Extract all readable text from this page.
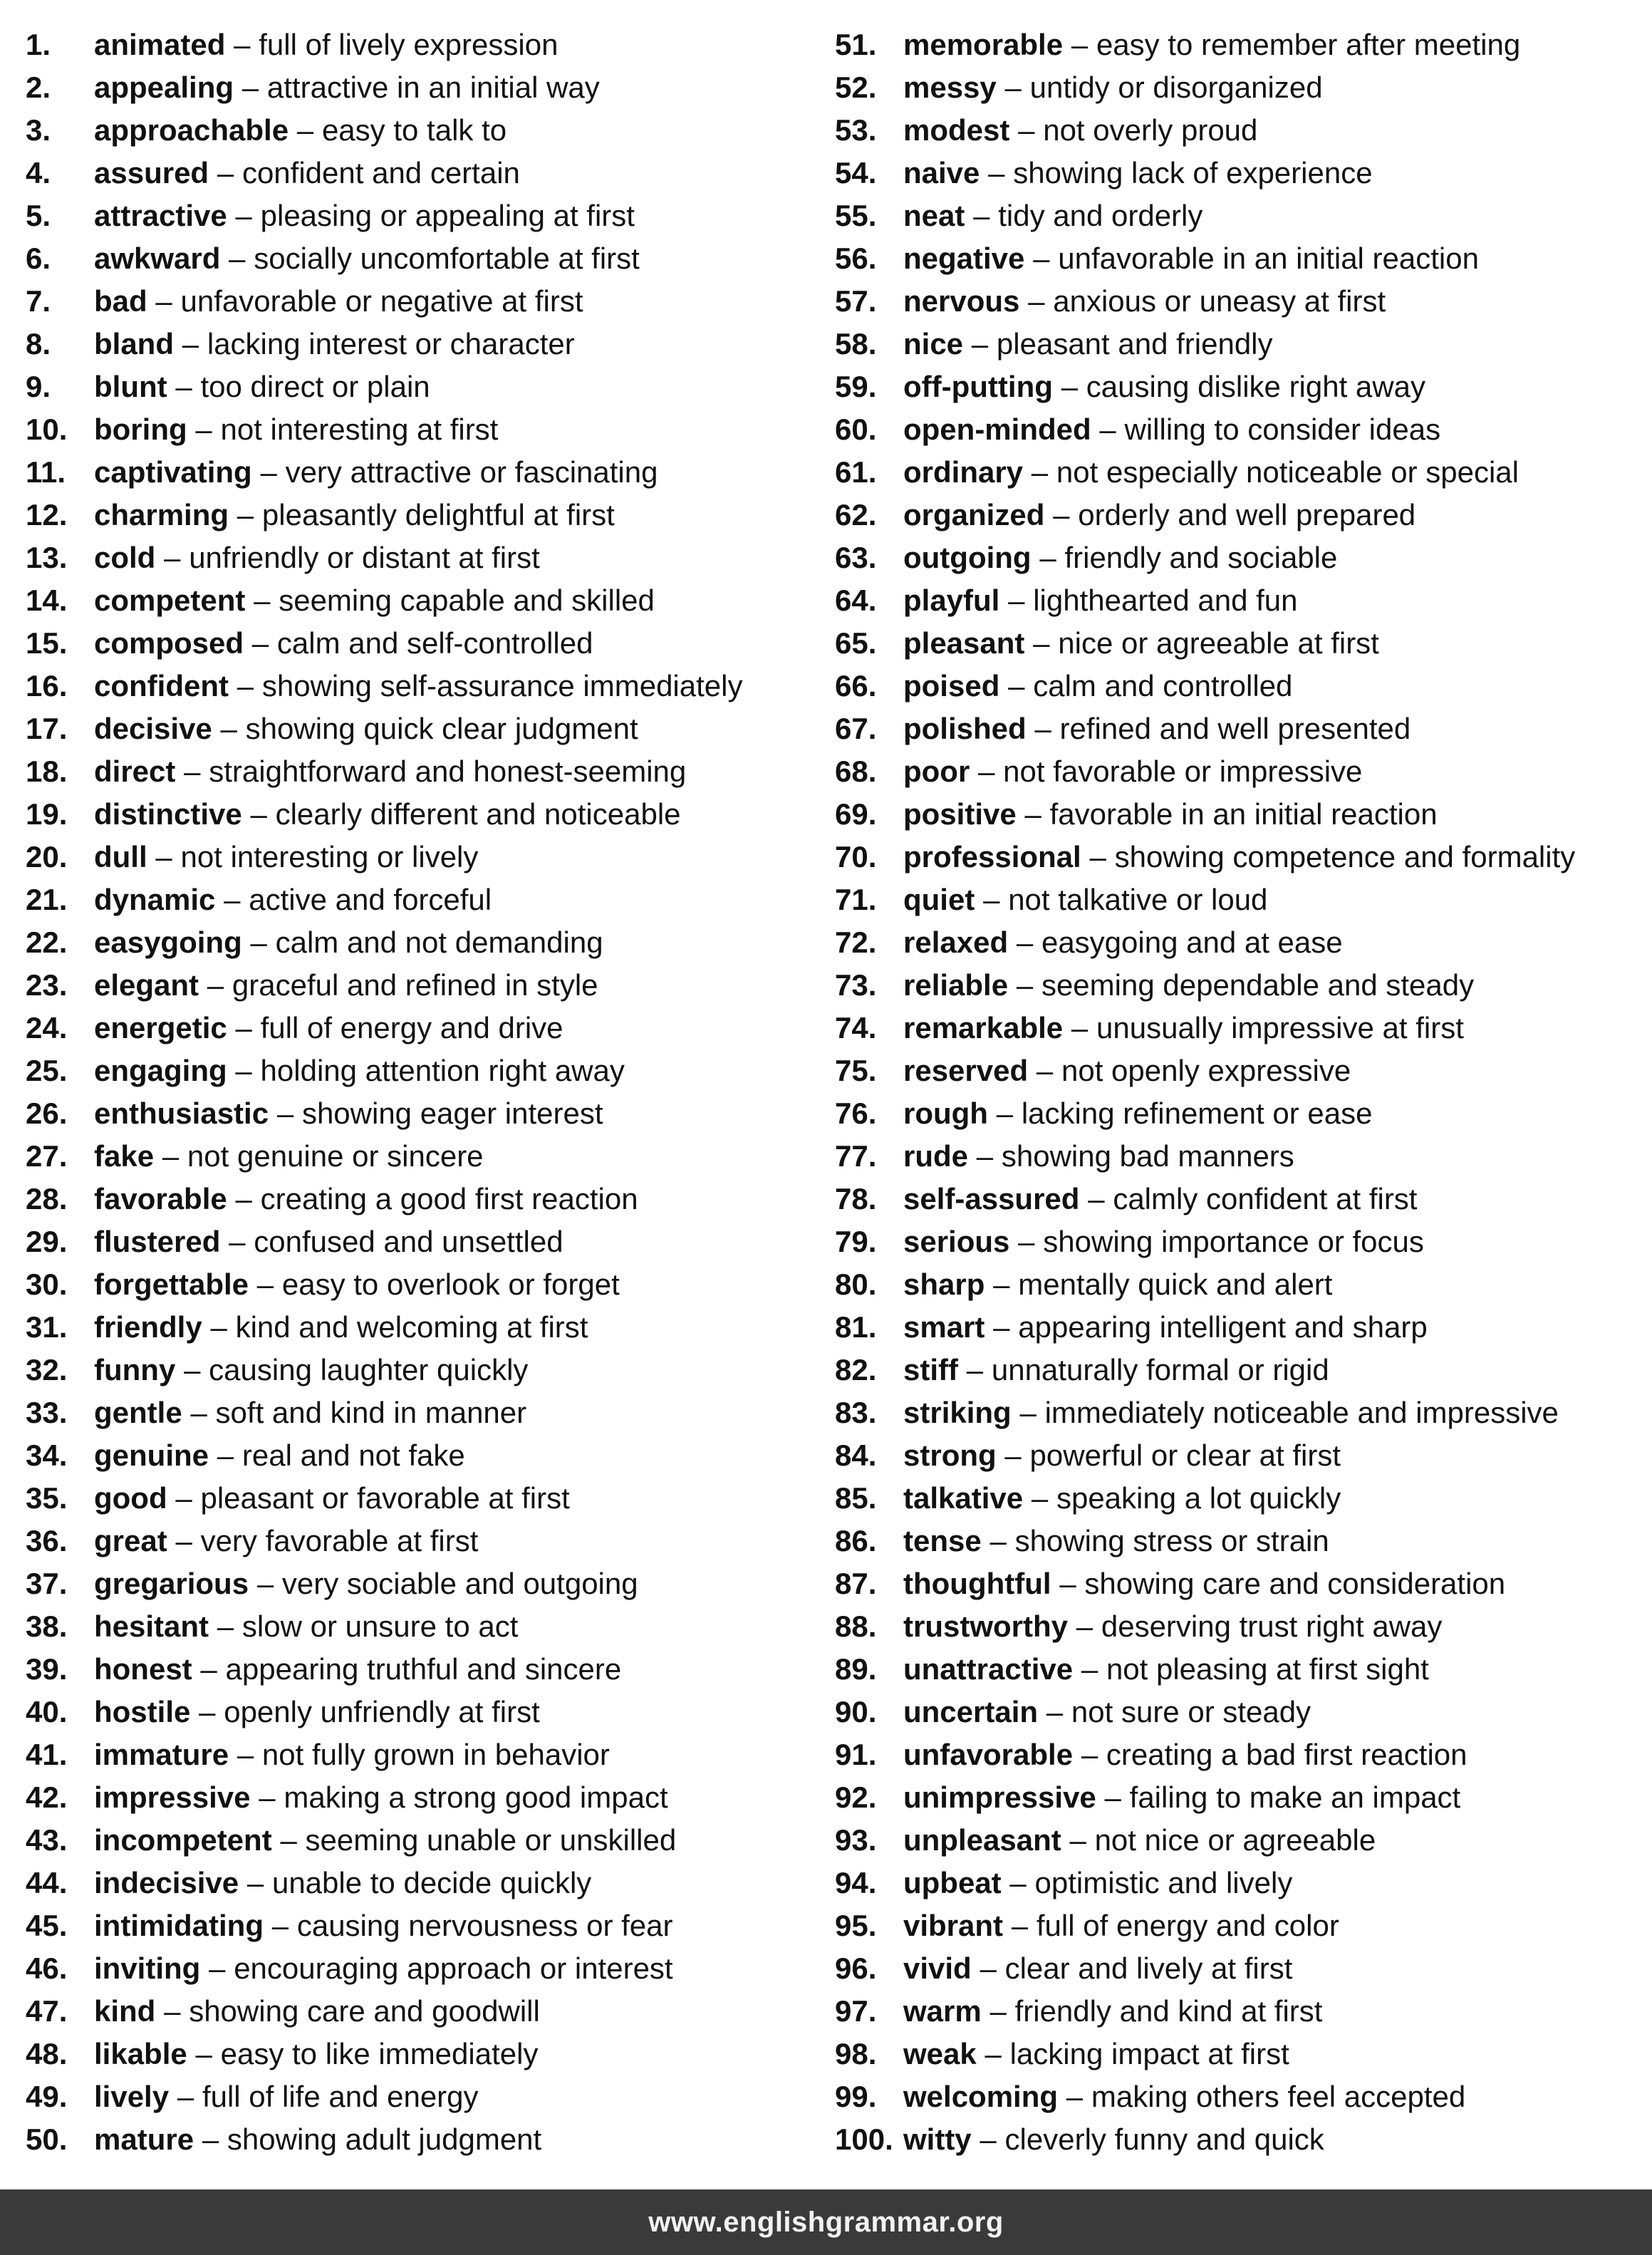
1.	animated – full of lively expression
2.	appealing – attractive in an initial way
3.	approachable – easy to talk to
4.	assured – confident and certain
5.	attractive – pleasing or appealing at first
6.	awkward – socially uncomfortable at first
7.	bad – unfavorable or negative at first
8.	bland – lacking interest or character
9.	blunt – too direct or plain
10. boring – not interesting at first
11. captivating – very attractive or fascinating
12. charming – pleasantly delightful at first
13. cold – unfriendly or distant at first
14. competent – seeming capable and skilled
15. composed – calm and self-controlled
16. confident – showing self-assurance immediately
17. decisive – showing quick clear judgment
18. direct – straightforward and honest-seeming
19. distinctive – clearly different and noticeable
20. dull – not interesting or lively
21. dynamic – active and forceful
22. easygoing – calm and not demanding
23. elegant – graceful and refined in style
24. energetic – full of energy and drive
25. engaging – holding attention right away
26. enthusiastic – showing eager interest
27. fake – not genuine or sincere
28. favorable – creating a good first reaction
29. flustered – confused and unsettled
30. forgettable – easy to overlook or forget
31. friendly – kind and welcoming at first
32. funny – causing laughter quickly
33. gentle – soft and kind in manner
34. genuine – real and not fake
35. good – pleasant or favorable at first
36. great – very favorable at first
37. gregarious – very sociable and outgoing
38. hesitant – slow or unsure to act
39. honest – appearing truthful and sincere
40. hostile – openly unfriendly at first
41. immature – not fully grown in behavior
42. impressive – making a strong good impact
43. incompetent – seeming unable or unskilled
44. indecisive – unable to decide quickly
45. intimidating – causing nervousness or fear
46. inviting – encouraging approach or interest
47. kind – showing care and goodwill
48. likable – easy to like immediately
49. lively – full of life and energy
50. mature – showing adult judgment
51. memorable – easy to remember after meeting
52. messy – untidy or disorganized
53. modest – not overly proud
54. naive – showing lack of experience
55. neat – tidy and orderly
56. negative – unfavorable in an initial reaction
57. nervous – anxious or uneasy at first
58. nice – pleasant and friendly
59. off-putting – causing dislike right away
60. open-minded – willing to consider ideas
61. ordinary – not especially noticeable or special
62. organized – orderly and well prepared
63. outgoing – friendly and sociable
64. playful – lighthearted and fun
65. pleasant – nice or agreeable at first
66. poised – calm and controlled
67. polished – refined and well presented
68. poor – not favorable or impressive
69. positive – favorable in an initial reaction
70. professional – showing competence and formality
71. quiet – not talkative or loud
72. relaxed – easygoing and at ease
73. reliable – seeming dependable and steady
74. remarkable – unusually impressive at first
75. reserved – not openly expressive
76. rough – lacking refinement or ease
77. rude – showing bad manners
78. self-assured – calmly confident at first
79. serious – showing importance or focus
80. sharp – mentally quick and alert
81. smart – appearing intelligent and sharp
82. stiff – unnaturally formal or rigid
83. striking – immediately noticeable and impressive
84. strong – powerful or clear at first
85. talkative – speaking a lot quickly
86. tense – showing stress or strain
87. thoughtful – showing care and consideration
88. trustworthy – deserving trust right away
89. unattractive – not pleasing at first sight
90. uncertain – not sure or steady
91. unfavorable – creating a bad first reaction
92. unimpressive – failing to make an impact
93. unpleasant – not nice or agreeable
94. upbeat – optimistic and lively
95. vibrant – full of energy and color
96. vivid – clear and lively at first
97. warm – friendly and kind at first
98. weak – lacking impact at first
99. welcoming – making others feel accepted
100. witty – cleverly funny and quick
www.englishgrammar.org
